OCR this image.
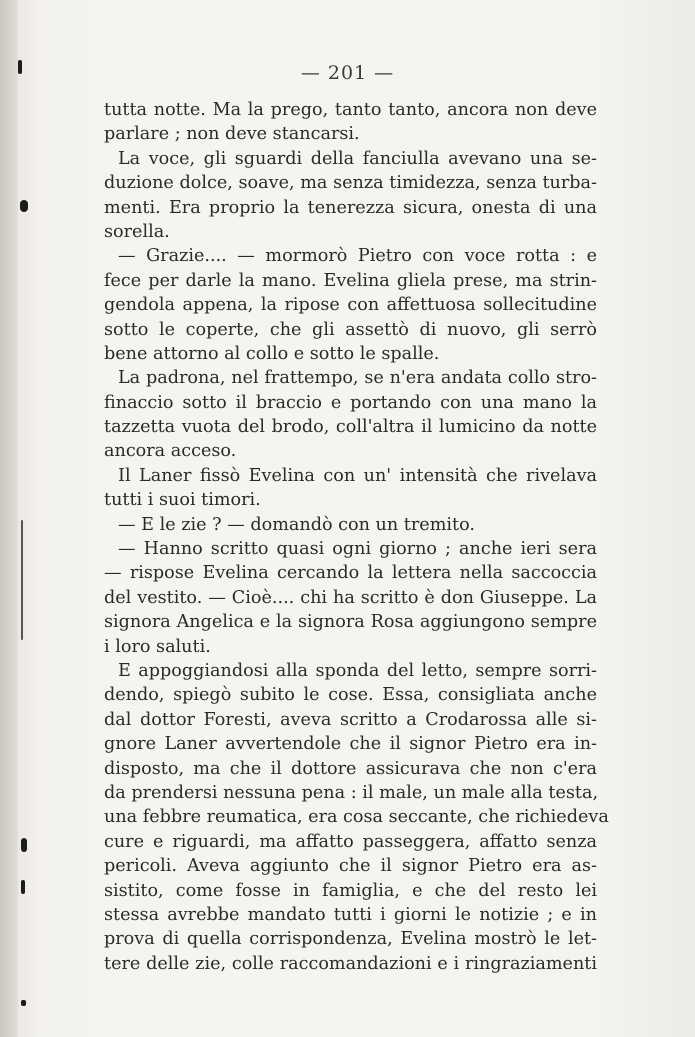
— 201 —
tutta notte. Ma la prego, tanto tanto, ancora non deve
parlare ; non deve stancarsi.
La voce, gli sguardi della fanciulla avevano una se-
duzione dolce, soave, ma senza timidezza, senza turba-
menti. Era proprio la tenerezza sicura, onesta di una
sorella.
— Grazie.... — mormorò Pietro con voce rotta : e
fece per darle la mano. Evelina gliela prese, ma strin-
gendola appena, la ripose con affettuosa sollecitudine
sotto le coperte, che gli assettò di nuovo, gli serrò
bene attorno al collo e sotto le spalle.
La padrona, nel frattempo, se n'era andata collo stro-
finaccio sotto il braccio e portando con una mano la
tazzetta vuota del brodo, coll'altra il lumicino da notte
ancora acceso.
Il Laner fissò Evelina con un' intensità che rivelava
tutti i suoi timori.
— E le zie ? — domandò con un tremito.
— Hanno scritto quasi ogni giorno ; anche ieri sera
— rispose Evelina cercando la lettera nella saccoccia
del vestito. — Cioè.... chi ha scritto è don Giuseppe. La
signora Angelica e la signora Rosa aggiungono sempre
i loro saluti.
E appoggiandosi alla sponda del letto, sempre sorri-
dendo, spiegò subito le cose. Essa, consigliata anche
dal dottor Foresti, aveva scritto a Crodarossa alle si-
gnore Laner avvertendole che il signor Pietro era in-
disposto, ma che il dottore assicurava che non c'era
da prendersi nessuna pena : il male, un male alla testa,
una febbre reumatica, era cosa seccante, che richiedeva
cure e riguardi, ma affatto passeggera, affatto senza
pericoli. Aveva aggiunto che il signor Pietro era as-
sistito, come fosse in famiglia, e che del resto lei
stessa avrebbe mandato tutti i giorni le notizie ; e in
prova di quella corrispondenza, Evelina mostrò le let-
tere delle zie, colle raccomandazioni e i ringraziamenti
